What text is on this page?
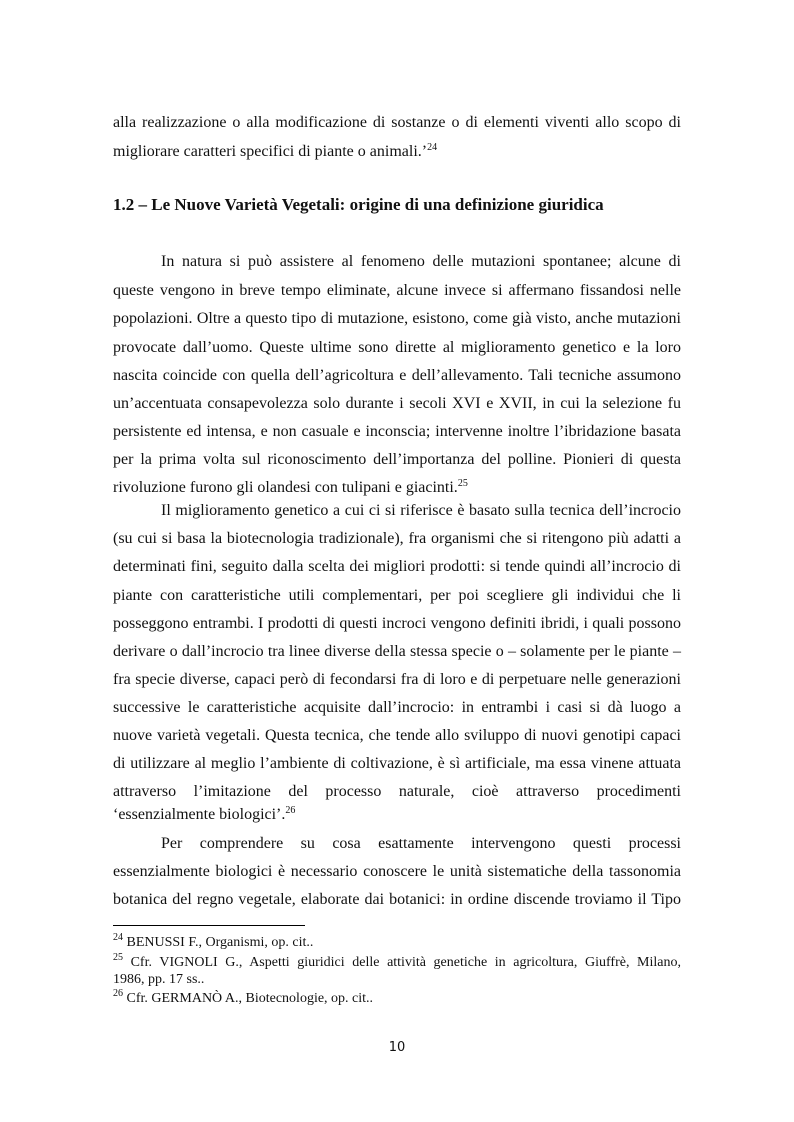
alla realizzazione o alla modificazione di sostanze o di elementi viventi allo scopo di
migliorare caratteri specifici di piante o animali.’$^{24}$
1.2 – Le Nuove Varietà Vegetali: origine di una definizione giuridica
In natura si può assistere al fenomeno delle mutazioni spontanee; alcune di
queste vengono in breve tempo eliminate, alcune invece si affermano fissandosi nelle
popolazioni. Oltre a questo tipo di mutazione, esistono, come già visto, anche mutazioni
provocate dall’uomo. Queste ultime sono dirette al miglioramento genetico e la loro
nascita coincide con quella dell’agricoltura e dell’allevamento. Tali tecniche assumono
un’accentuata consapevolezza solo durante i secoli XVI e XVII, in cui la selezione fu
persistente ed intensa, e non casuale e inconscia; intervenne inoltre l’ibridazione basata
per la prima volta sul riconoscimento dell’importanza del polline. Pionieri di questa
rivoluzione furono gli olandesi con tulipani e giacinti.$^{25}$
Il miglioramento genetico a cui ci si riferisce è basato sulla tecnica dell’incrocio
(su cui si basa la biotecnologia tradizionale), fra organismi che si ritengono più adatti a
determinati fini, seguito dalla scelta dei migliori prodotti: si tende quindi all’incrocio di
piante con caratteristiche utili complementari, per poi scegliere gli individui che li
posseggono entrambi. I prodotti di questi incroci vengono definiti ibridi, i quali possono
derivare o dall’incrocio tra linee diverse della stessa specie o – solamente per le piante –
fra specie diverse, capaci però di fecondarsi fra di loro e di perpetuare nelle generazioni
successive le caratteristiche acquisite dall’incrocio: in entrambi i casi si dà luogo a
nuove varietà vegetali. Questa tecnica, che tende allo sviluppo di nuovi genotipi capaci
di utilizzare al meglio l’ambiente di coltivazione, è sì artificiale, ma essa vinene attuata
attraverso l’imitazione del processo naturale, cioè attraverso procedimenti
‘essenzialmente biologici’.$^{26}$
Per comprendere su cosa esattamente intervengono questi processi
essenzialmente biologici è necessario conoscere le unità sistematiche della tassonomia
botanica del regno vegetale, elaborate dai botanici: in ordine discende troviamo il Tipo
$^{24}$ BENUSSI F., Organismi, op. cit..
$^{25}$ Cfr. VIGNOLI G., Aspetti giuridici delle attività genetiche in agricoltura, Giuffrè, Milano,
1986, pp. 17 ss..
$^{26}$ Cfr. GERMANÒ A., Biotecnologie, op. cit..
10
